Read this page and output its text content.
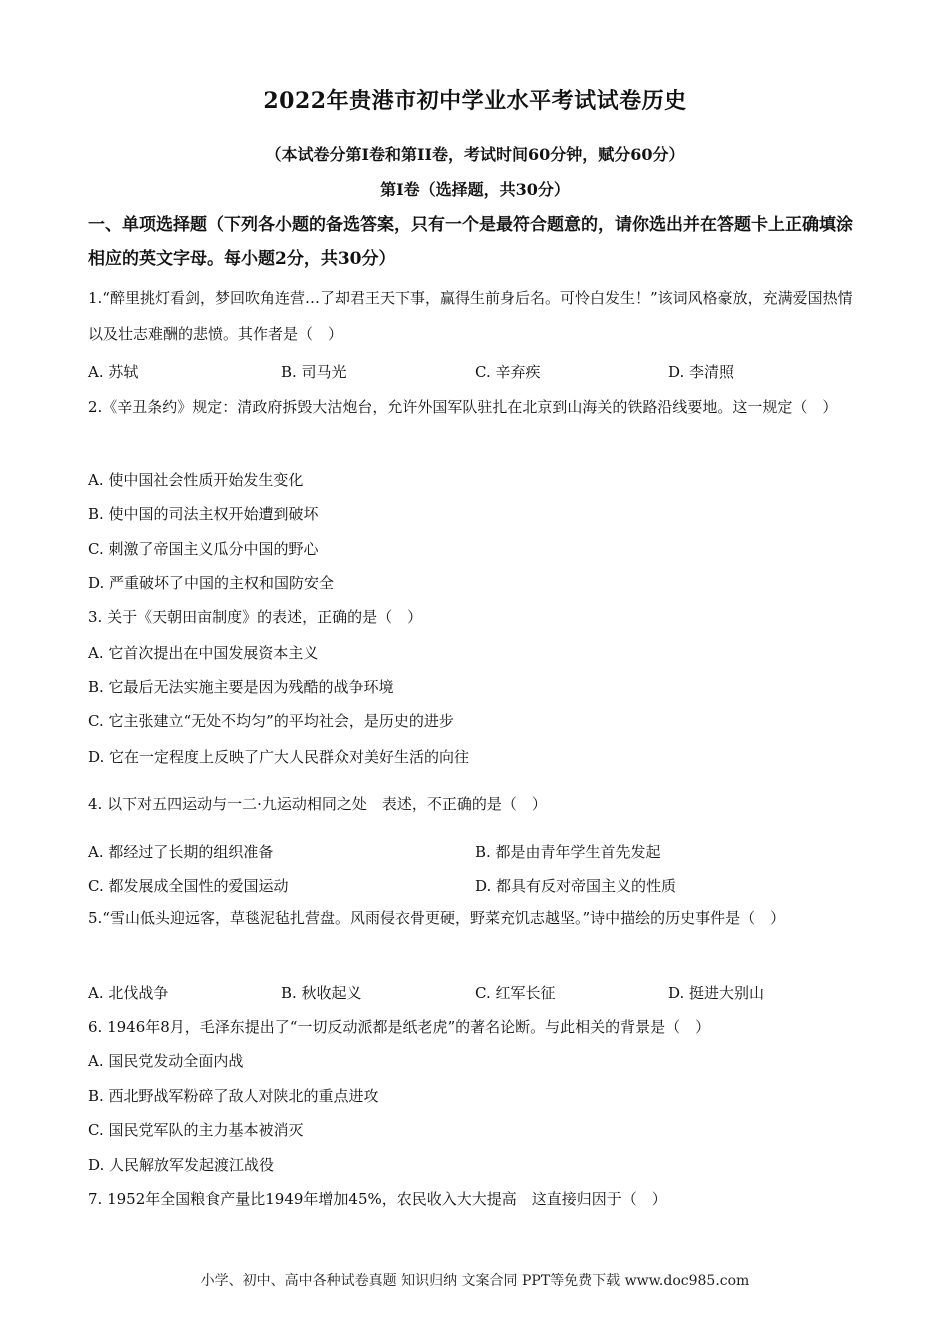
2022年贵港市初中学业水平考试试卷历史
（本试卷分第I卷和第II卷，考试时间60分钟，赋分60分）
第I卷（选择题，共30分）
一、单项选择题（下列各小题的备选答案，只有一个是最符合题意的，请你选出并在答题卡上正确填涂相应的英文字母。每小题2分，共30分）
1.“醉里挑灯看剑，梦回吹角连营…了却君王天下事，赢得生前身后名。可怜白发生！”该词风格豪放，充满爱国热情以及壮志难酬的悲愤。其作者是（　）
A. 苏轼	B. 司马光	C. 辛弃疾	D. 李清照
2.《辛丑条约》规定：清政府拆毁大沽炮台，允许外国军队驻扎在北京到山海关的铁路沿线要地。这一规定（　）
A. 使中国社会性质开始发生变化
B. 使中国的司法主权开始遭到破坏
C. 刺激了帝国主义瓜分中国的野心
D. 严重破坏了中国的主权和国防安全
3. 关于《天朝田亩制度》的表述，正确的是（　）
A. 它首次提出在中国发展资本主义
B. 它最后无法实施主要是因为残酷的战争环境
C. 它主张建立“无处不均匀”的平均社会，是历史的进步
D. 它在一定程度上反映了广大人民群众对美好生活的向往
4. 以下对五四运动与一二·九运动相同之处　表述，不正确的是（　）
A. 都经过了长期的组织准备	B. 都是由青年学生首先发起
C. 都发展成全国性的爱国运动	D. 都具有反对帝国主义的性质
5.“雪山低头迎远客，草毯泥毡扎营盘。风雨侵衣骨更硬，野菜充饥志越坚。”诗中描绘的历史事件是（　）
A. 北伐战争	B. 秋收起义	C. 红军长征	D. 挺进大别山
6. 1946年8月，毛泽东提出了“一切反动派都是纸老虎”的著名论断。与此相关的背景是（　）
A. 国民党发动全面内战
B. 西北野战军粉碎了敌人对陕北的重点进攻
C. 国民党军队的主力基本被消灭
D. 人民解放军发起渡江战役
7. 1952年全国粮食产量比1949年增加45%，农民收入大大提高　这直接归因于（　）
小学、初中、高中各种试卷真题 知识归纳 文案合同 PPT等免费下载 www.doc985.com
